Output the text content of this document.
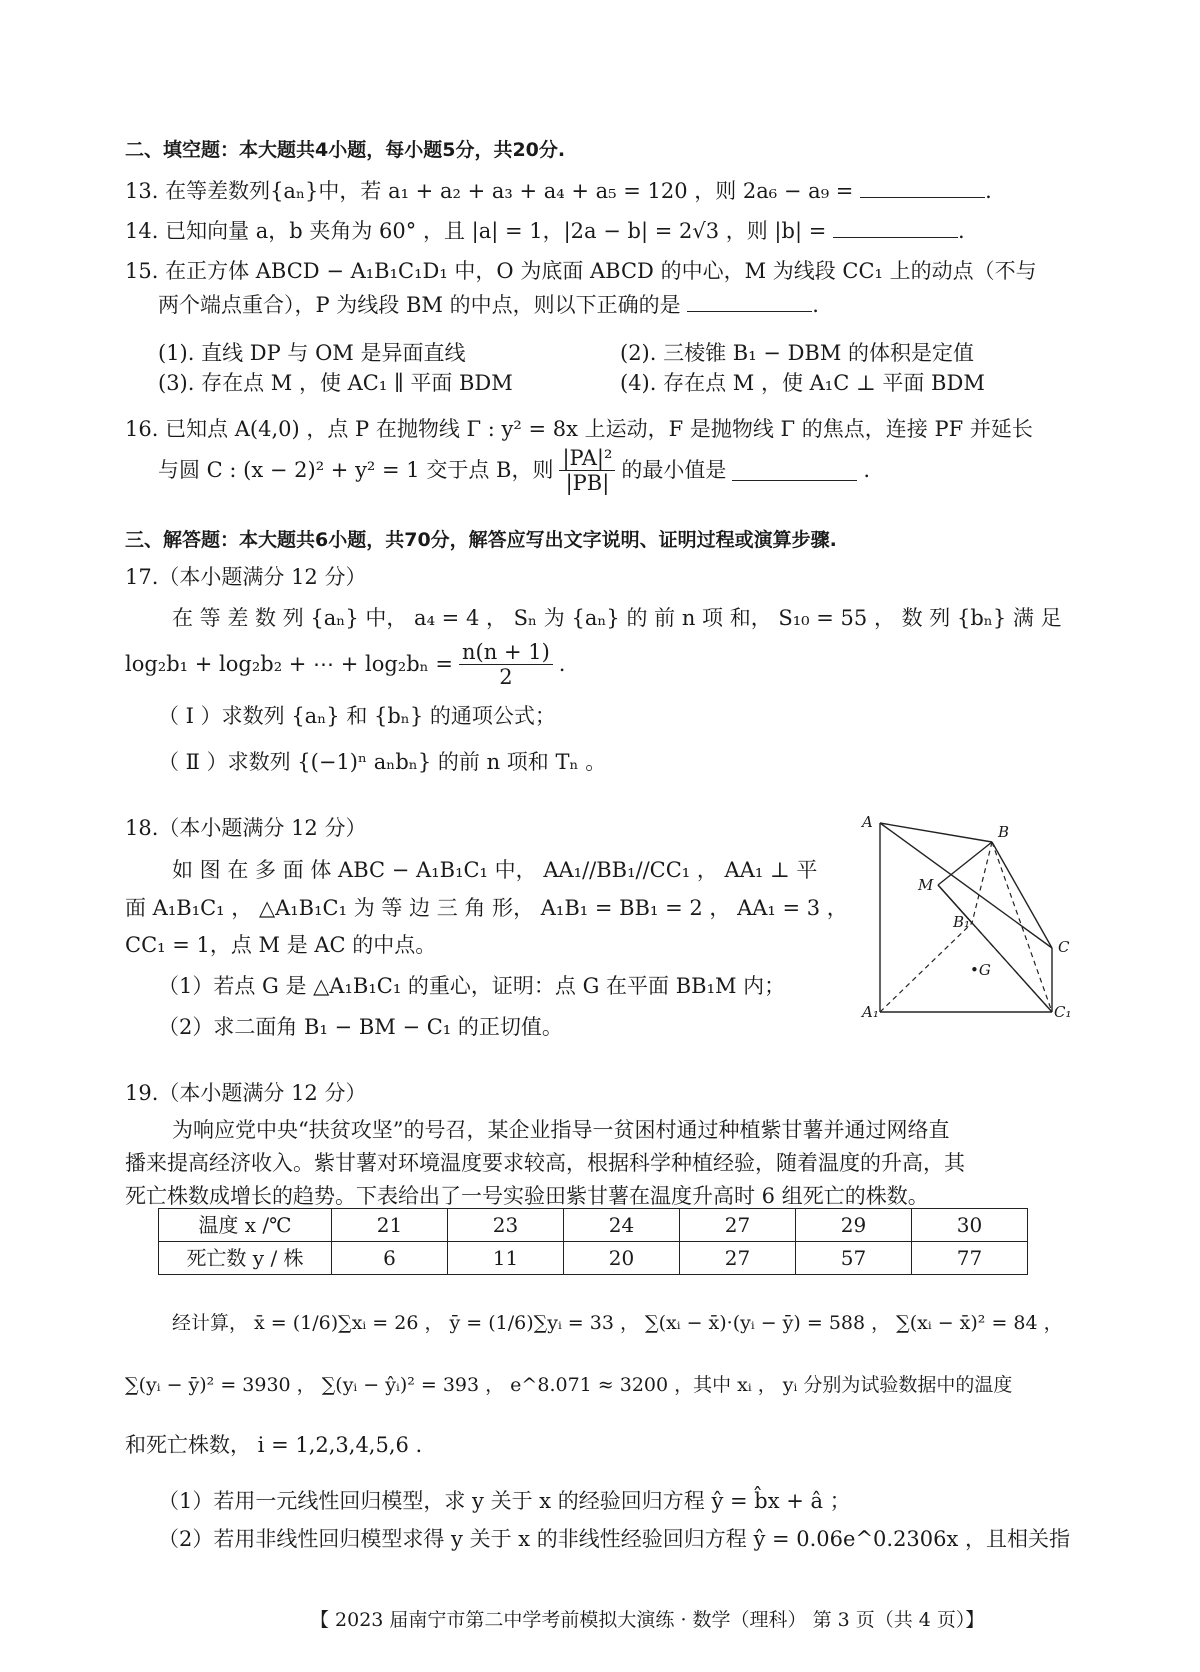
二、填空题：本大题共4小题，每小题5分，共20分.
13. 在等差数列{aₙ}中，若 a₁ + a₂ + a₃ + a₄ + a₅ = 120 ，则 2a₆ − a₉ =	.
14. 已知向量 a，b 夹角为 60° ，且 |a| = 1，|2a − b| = 2√3 ，则 |b| =	.
15. 在正方体 ABCD − A₁B₁C₁D₁ 中，O 为底面 ABCD 的中心，M 为线段 CC₁ 上的动点（不与
两个端点重合），P 为线段 BM 的中点，则以下正确的是	.
(1). 直线 DP 与 OM 是异面直线	(2). 三棱锥 B₁ − DBM 的体积是定值
(3). 存在点 M ，使 AC₁ ∥ 平面 BDM	(4). 存在点 M ，使 A₁C ⊥ 平面 BDM
16. 已知点 A(4,0) ，点 P 在抛物线 Γ : y² = 8x 上运动，F 是抛物线 Γ 的焦点，连接 PF 并延长
与圆 C : (x − 2)² + y² = 1 交于点 B，则 $\frac{\text{|PA|²}}{|PB|}$ 的最小值是	.
三、解答题：本大题共6小题，共70分，解答应写出文字说明、证明过程或演算步骤.
17.（本小题满分 12 分）
在 等 差 数 列 {aₙ} 中， a₄ = 4 ， Sₙ 为 {aₙ} 的 前 n 项 和， S₁₀ = 55 ， 数 列 {bₙ} 满 足
log₂b₁ + log₂b₂ + ⋯ + $\log_2b_n = \frac{n(n + 1)}{2}$ .
（ Ⅰ ）求数列 {aₙ} 和 {bₙ} 的通项公式；
（ Ⅱ ）求数列 {(−1)ⁿ aₙbₙ} 的前 n 项和 Tₙ 。
18.（本小题满分 12 分）
如 图 在 多 面 体 ABC − A₁B₁C₁ 中， AA₁//BB₁//CC₁ ， AA₁ ⊥ 平
面 A₁B₁C₁ ， △A₁B₁C₁ 为 等 边 三 角 形， A₁B₁ = BB₁ = 2 ， AA₁ = 3 ，
CC₁ = 1，点 M 是 AC 的中点。
（1）若点 G 是 △A₁B₁C₁ 的重心，证明：点 G 在平面 BB₁M 内；
（2）求二面角 B₁ − BM − C₁ 的正切值。
A
B
M
B₁
C
•G
A₁	C₁
19.（本小题满分 12 分）
为响应党中央“扶贫攻坚”的号召，某企业指导一贫困村通过种植紫甘薯并通过网络直
播来提高经济收入。紫甘薯对环境温度要求较高，根据科学种植经验，随着温度的升高，其
死亡株数成增长的趋势。下表给出了一号实验田紫甘薯在温度升高时 6 组死亡的株数。
温度 x /℃	21	23	24	27	29	30
死亡数 y / 株	6	11	20	27	57	77
经计算， x̄ = (1/6)∑xᵢ = 26 ， ȳ = (1/6)∑yᵢ = 33 ， ∑(xᵢ − x̄)·(yᵢ − ȳ) = 588 ， ∑(xᵢ − x̄)² = 84 ，
∑(yᵢ − ȳ)² = 3930 ， ∑(yᵢ − ŷᵢ)² = 393 ， e^8.071 ≈ 3200 ，其中 xᵢ ， yᵢ 分别为试验数据中的温度
和死亡株数， i = 1,2,3,4,5,6 .
（1）若用一元线性回归模型，求 y 关于 x 的经验回归方程 ŷ = b̂x + â ；
（2）若用非线性回归模型求得 y 关于 x 的非线性经验回归方程 ŷ = 0.06e^0.2306x ，且相关指
【 2023 届南宁市第二中学考前模拟大演练 · 数学（理科） 第 3 页（共 4 页）】
